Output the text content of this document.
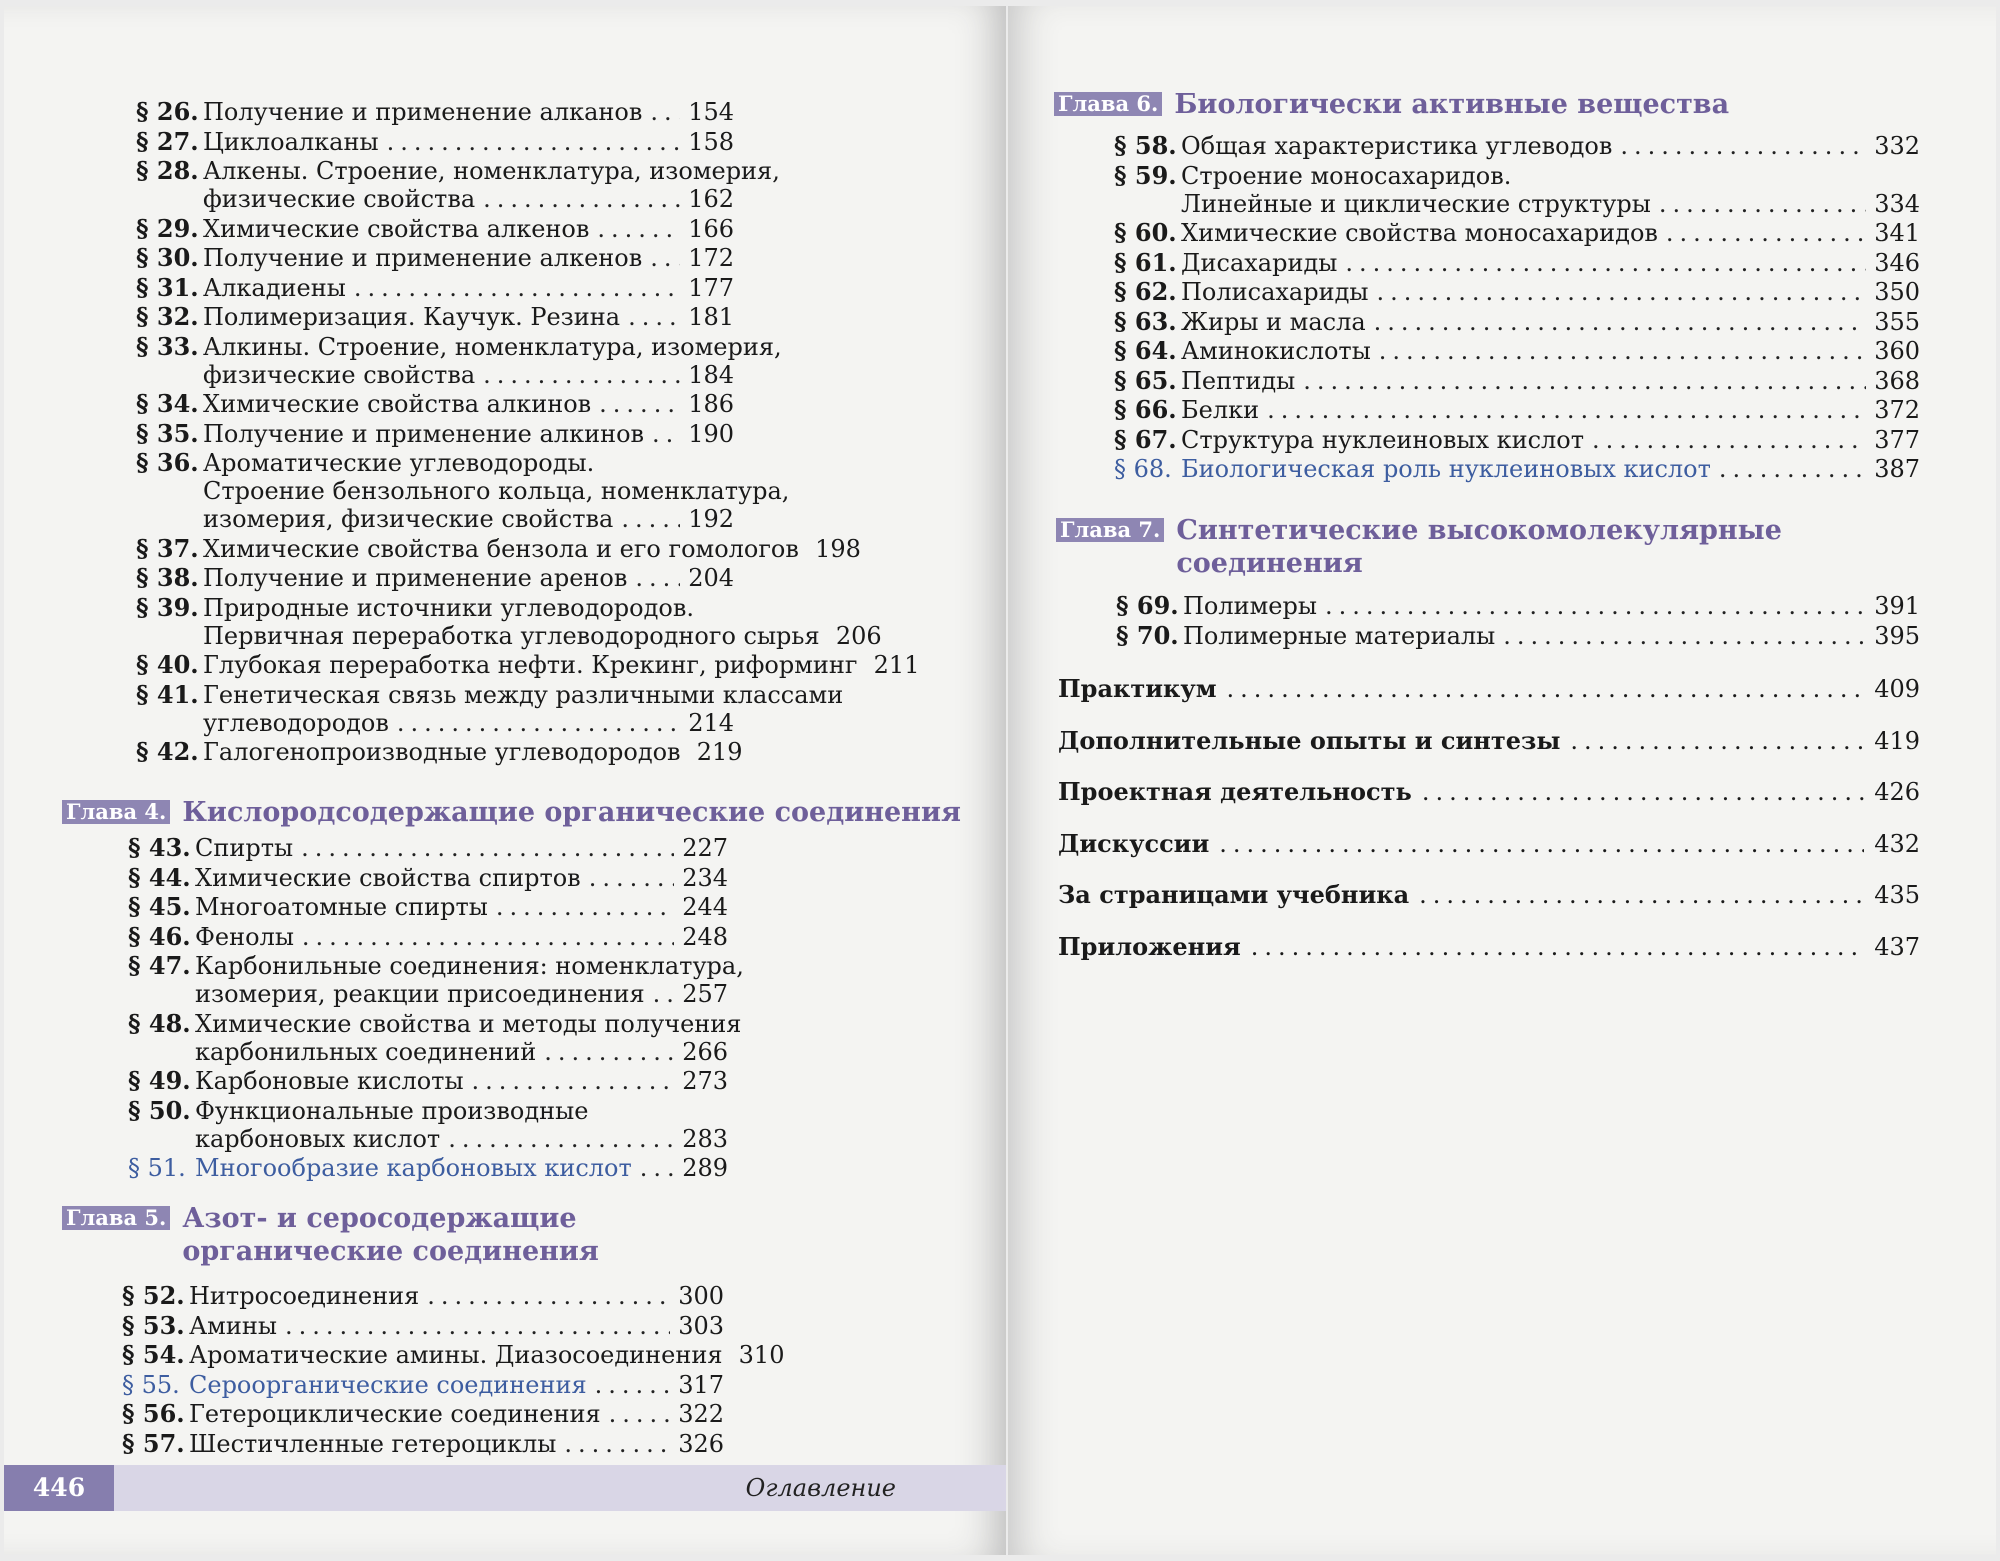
§ 26. Получение и применение алканов ..... 154
§ 27. Циклоалканы .....	158
§ 28. Алкены. Строение, номенклатура, изомерия,
физические свойства .....	162
§ 29. Химические свойства алкенов .....	166
§ 30. Получение и применение алкенов ..... 172
§ 31. Алкадиены .....	177
§ 32. Полимеризация. Каучук. Резина .....	181
§ 33. Алкины. Строение, номенклатура, изомерия,
физические свойства .....	184
§ 34. Химические свойства алкинов .....	186
§ 35. Получение и применение алкинов ..... 190
§ 36. Ароматические углеводороды.
Строение бензольного кольца, номенклатура,
изомерия, физические свойства .....	192
§ 37. Химические свойства бензола и его гомологов 198
§ 38. Получение и применение аренов .....	204
§ 39. Природные источники углеводородов.
Первичная переработка углеводородного сырья 206
§ 40. Глубокая переработка нефти. Крекинг, риформинг 211
§ 41. Генетическая связь между различными классами
углеводородов .....	214
§ 42. Галогенопроизводные углеводородов 219
Глава 4. Кислородсодержащие органические соединения
§ 43. Спирты .....	227
§ 44. Химические свойства спиртов .....	234
§ 45. Многоатомные спирты .....	244
§ 46. Фенолы .....	248
§ 47. Карбонильные соединения: номенклатура,
изомерия, реакции присоединения ..... 257
§ 48. Химические свойства и методы получения
карбонильных соединений .....	266
§ 49. Карбоновые кислоты .....	273
§ 50. Функциональные производные
карбоновых кислот .....	283
§ 51. Многообразие карбоновых кислот ..... 289
Глава 5. Азот- и серосодержащие
органические соединения
§ 52. Нитросоединения .....	300
§ 53. Амины .....	303
§ 54. Ароматические амины. Диазосоединения 310
§ 55. Сероорганические соединения .....	317
§ 56. Гетероциклические соединения .....	322
§ 57. Шестичленные гетероциклы .....	326
446	Оглавление
Глава 6. Биологически активные вещества
§ 58. Общая характеристика углеводов .....	332
§ 59. Строение моносахаридов.
Линейные и циклические структуры .....	334
§ 60. Химические свойства моносахаридов .....	341
§ 61. Дисахариды .....	346
§ 62. Полисахариды .....	350
§ 63. Жиры и масла .....	355
§ 64. Аминокислоты .....	360
§ 65. Пептиды .....	368
§ 66. Белки .....	372
§ 67. Структура нуклеиновых кислот .....	377
§ 68. Биологическая роль нуклеиновых кислот .....	387
Глава 7. Синтетические высокомолекулярные
соединения
§ 69. Полимеры .....	391
§ 70. Полимерные материалы .....	395
Практикум .....	409
Дополнительные опыты и синтезы .....	419
Проектная деятельность .....	426
Дискуссии .....	432
За страницами учебника .....	435
Приложения .....	437
